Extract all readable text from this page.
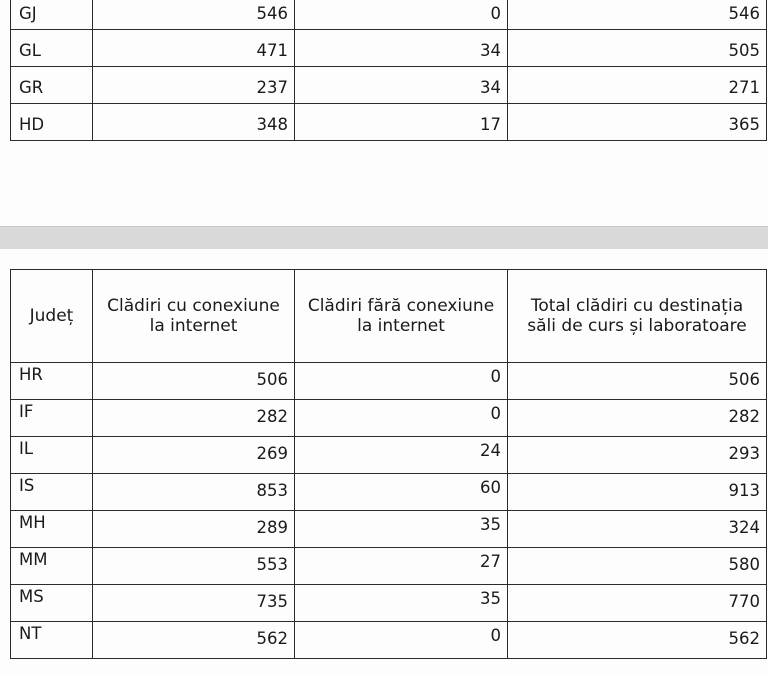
GJ	546	0	546
GL	471	34	505
GR	237	34	271
HD	348	17	365
Județ	Clădiri cu conexiune la internet	Clădiri fără conexiune la internet	Total clădiri cu destinația săli de curs și laboratoare
HR	506	0	506
IF	282	0	282
IL	269	24	293
IS	853	60	913
MH	289	35	324
MM	553	27	580
MS	735	35	770
NT	562	0	562
